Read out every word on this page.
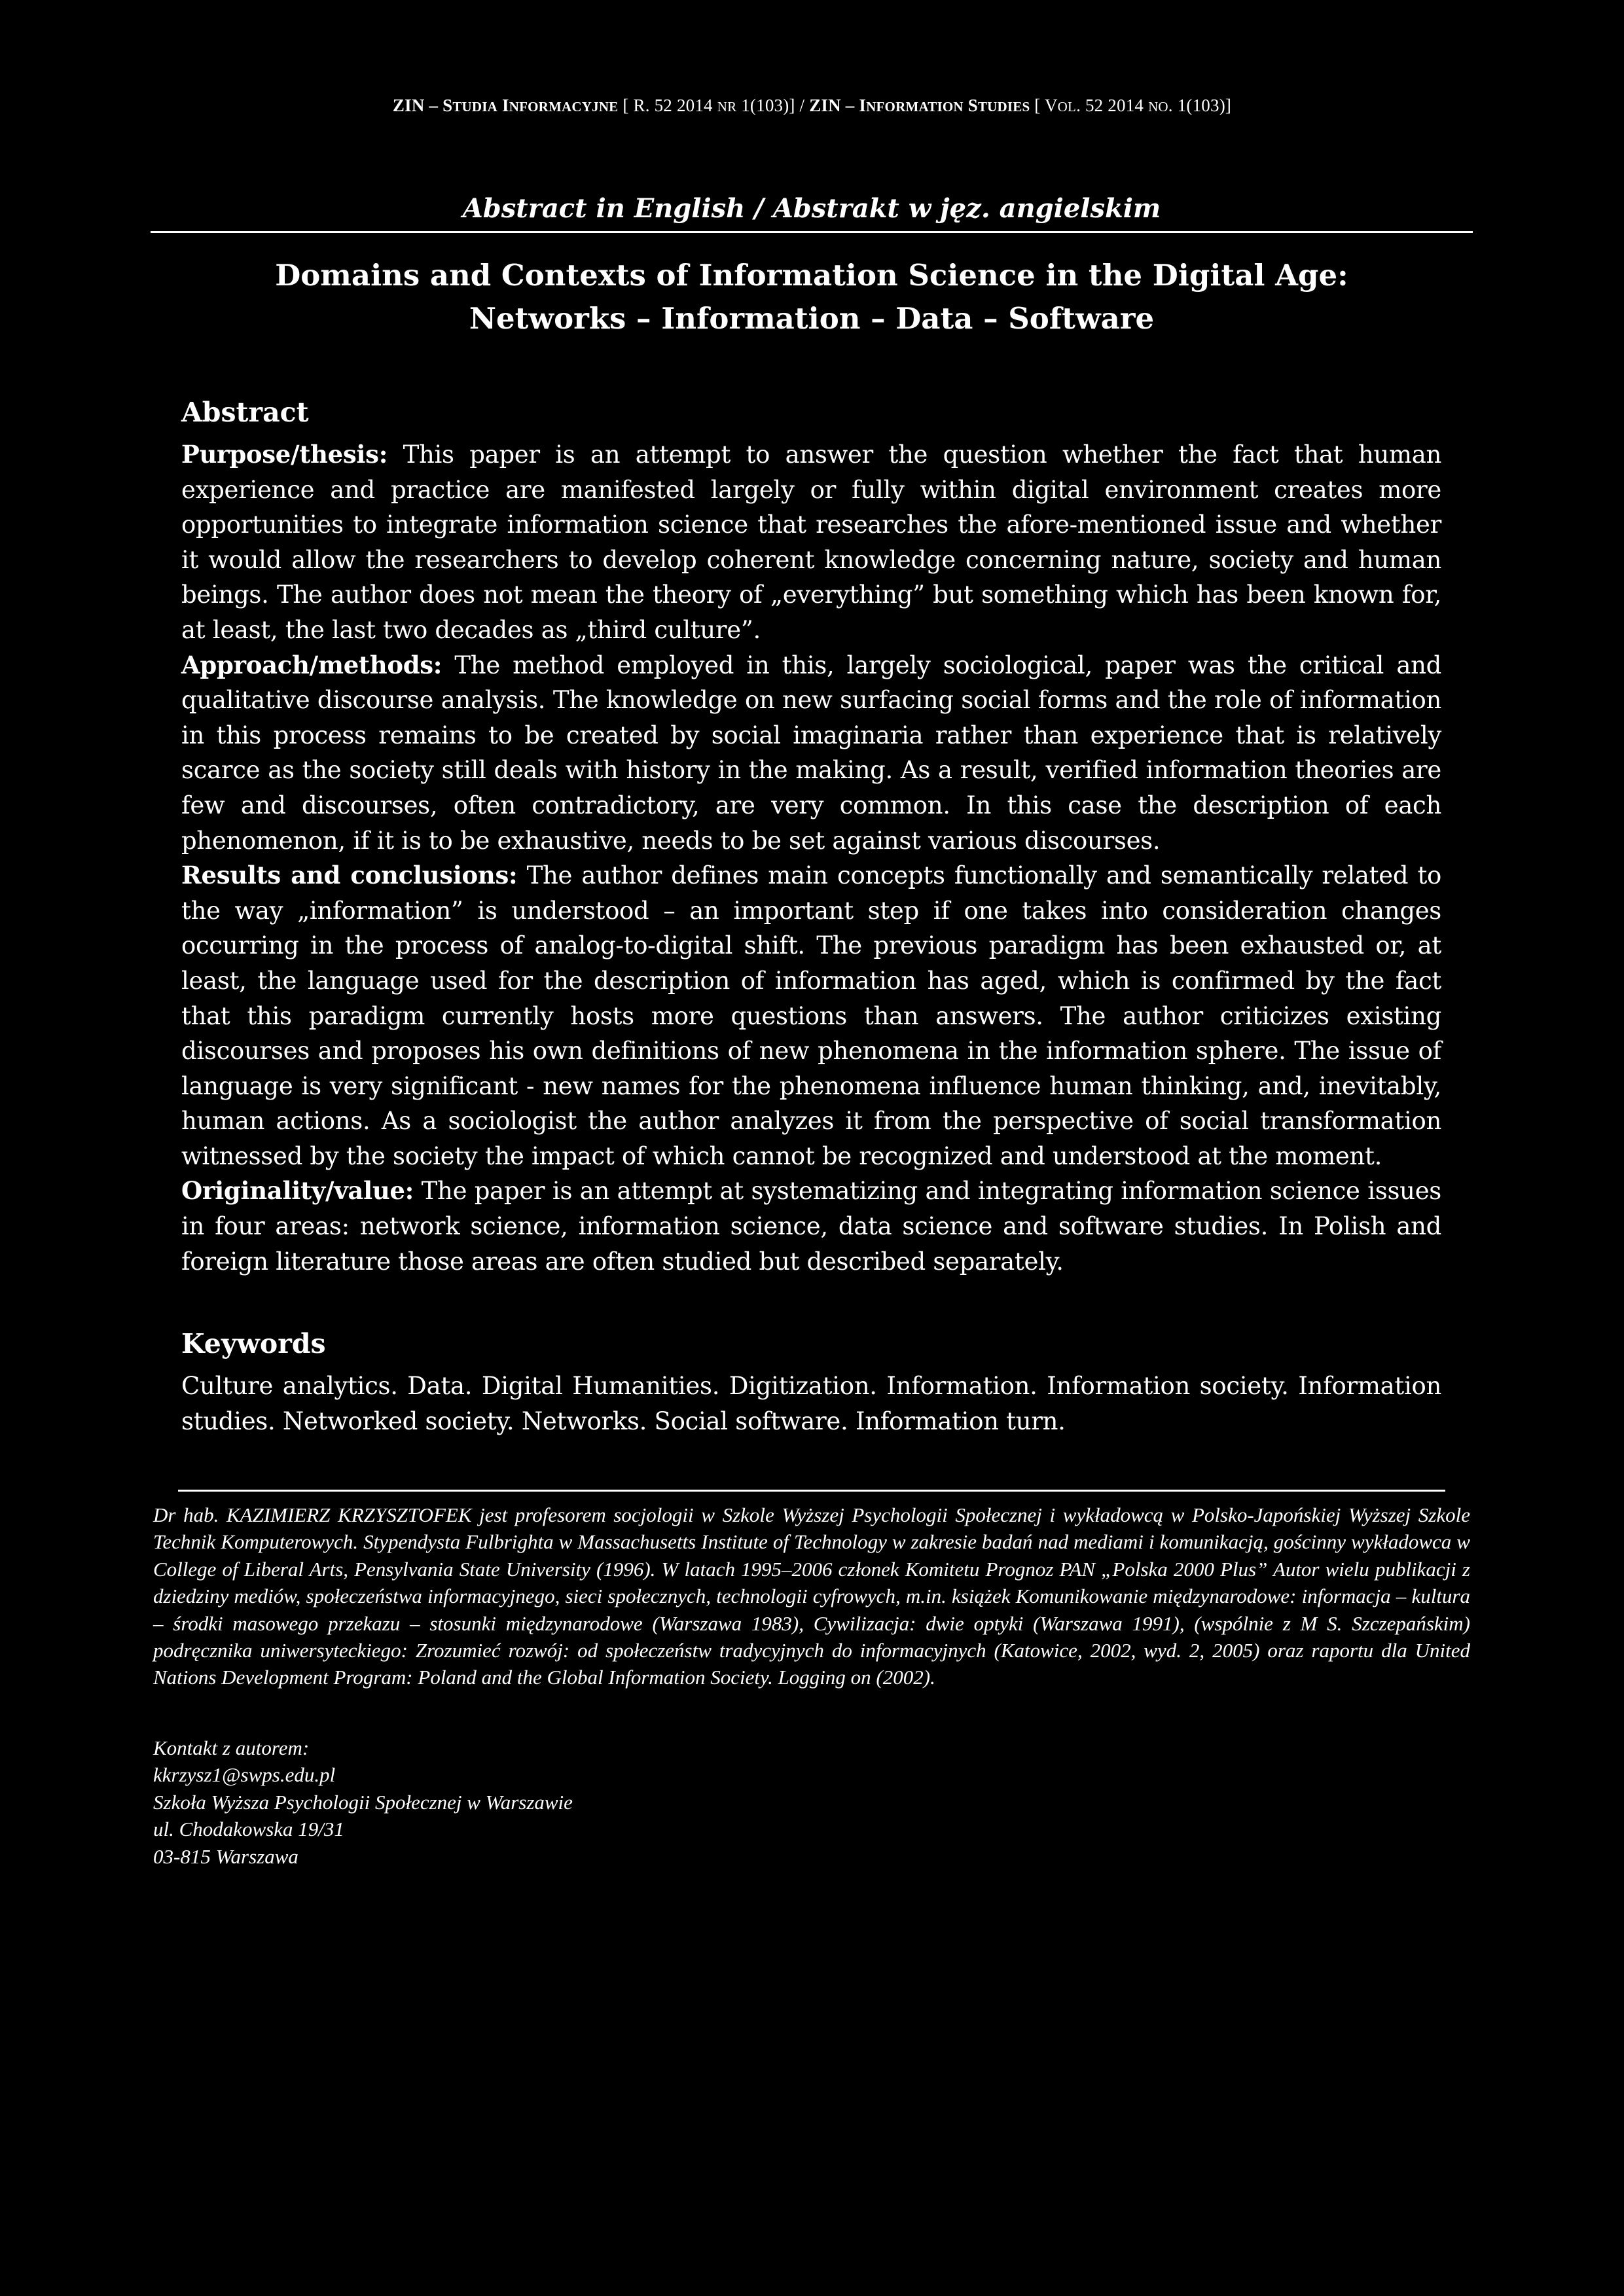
ZIN – STUDIA INFORMACYJNE [ R. 52 2014 NR 1(103)] / ZIN – INFORMATION STUDIES [ VOL. 52 2014 NO. 1(103)]
Abstract in English / Abstrakt w jęz. angielskim
Domains and Contexts of Information Science in the Digital Age:
Networks – Information – Data – Software
Abstract

Purpose/thesis: This paper is an attempt to answer the question whether the fact that human experience and practice are manifested largely or fully within digital environment creates more opportunities to integrate information science that researches the afore-mentioned issue and whether it would allow the researchers to develop coherent knowledge concerning nature, society and human beings. The author does not mean the theory of „everything” but something which has been known for, at least, the last two decades as „third culture”.

Approach/methods: The method employed in this, largely sociological, paper was the critical and qualitative discourse analysis. The knowledge on new surfacing social forms and the role of information in this process remains to be created by social imaginaria rather than experience that is relatively scarce as the society still deals with history in the making. As a result, verified information theories are few and discourses, often contradictory, are very common. In this case the description of each phenomenon, if it is to be exhaustive, needs to be set against various discourses.

Results and conclusions: The author defines main concepts functionally and semantically related to the way „information” is understood – an important step if one takes into consideration changes occurring in the process of analog-to-digital shift. The previous paradigm has been exhausted or, at least, the language used for the description of information has aged, which is confirmed by the fact that this paradigm currently hosts more questions than answers. The author criticizes existing discourses and proposes his own definitions of new phenomena in the information sphere. The issue of language is very significant - new names for the phenomena influence human thinking, and, inevitably, human actions. As a sociologist the author analyzes it from the perspective of social transformation witnessed by the society the impact of which cannot be recognized and understood at the moment.

Originality/value: The paper is an attempt at systematizing and integrating information science issues in four areas: network science, information science, data science and software studies. In Polish and foreign literature those areas are often studied but described separately.

Keywords
Culture analytics. Data. Digital Humanities. Digitization. Information. Information society. Information studies. Networked society. Networks. Social software. Information turn.
Dr hab. KAZIMIERZ KRZYSZTOFEK jest profesorem socjologii w Szkole Wyższej Psychologii Społecznej i wykładowcą w Polsko-Japońskiej Wyższej Szkole Technik Komputerowych. Stypendysta Fulbrighta w Massachusetts Institute of Technology w zakresie badań nad mediami i komunikacją, gościnny wykładowca w College of Liberal Arts, Pensylvania State University (1996). W latach 1995–2006 członek Komitetu Prognoz PAN „Polska 2000 Plus” Autor wielu publikacji z dziedziny mediów, społeczeństwa informacyjnego, sieci społecznych, technologii cyfrowych, m.in. książek Komunikowanie międzynarodowe: informacja – kultura – środki masowego przekazu – stosunki międzynarodowe (Warszawa 1983), Cywilizacja: dwie optyki (Warszawa 1991), (wspólnie z M S. Szczepańskim) podręcznika uniwersyteckiego: Zrozumieć rozwój: od społeczeństw tradycyjnych do informacyjnych (Katowice, 2002, wyd. 2, 2005) oraz raportu dla United Nations Development Program: Poland and the Global Information Society. Logging on (2002).
Kontakt z autorem:
kkrzysz1@swps.edu.pl
Szkoła Wyższa Psychologii Społecznej w Warszawie
ul. Chodakowska 19/31
03-815 Warszawa
